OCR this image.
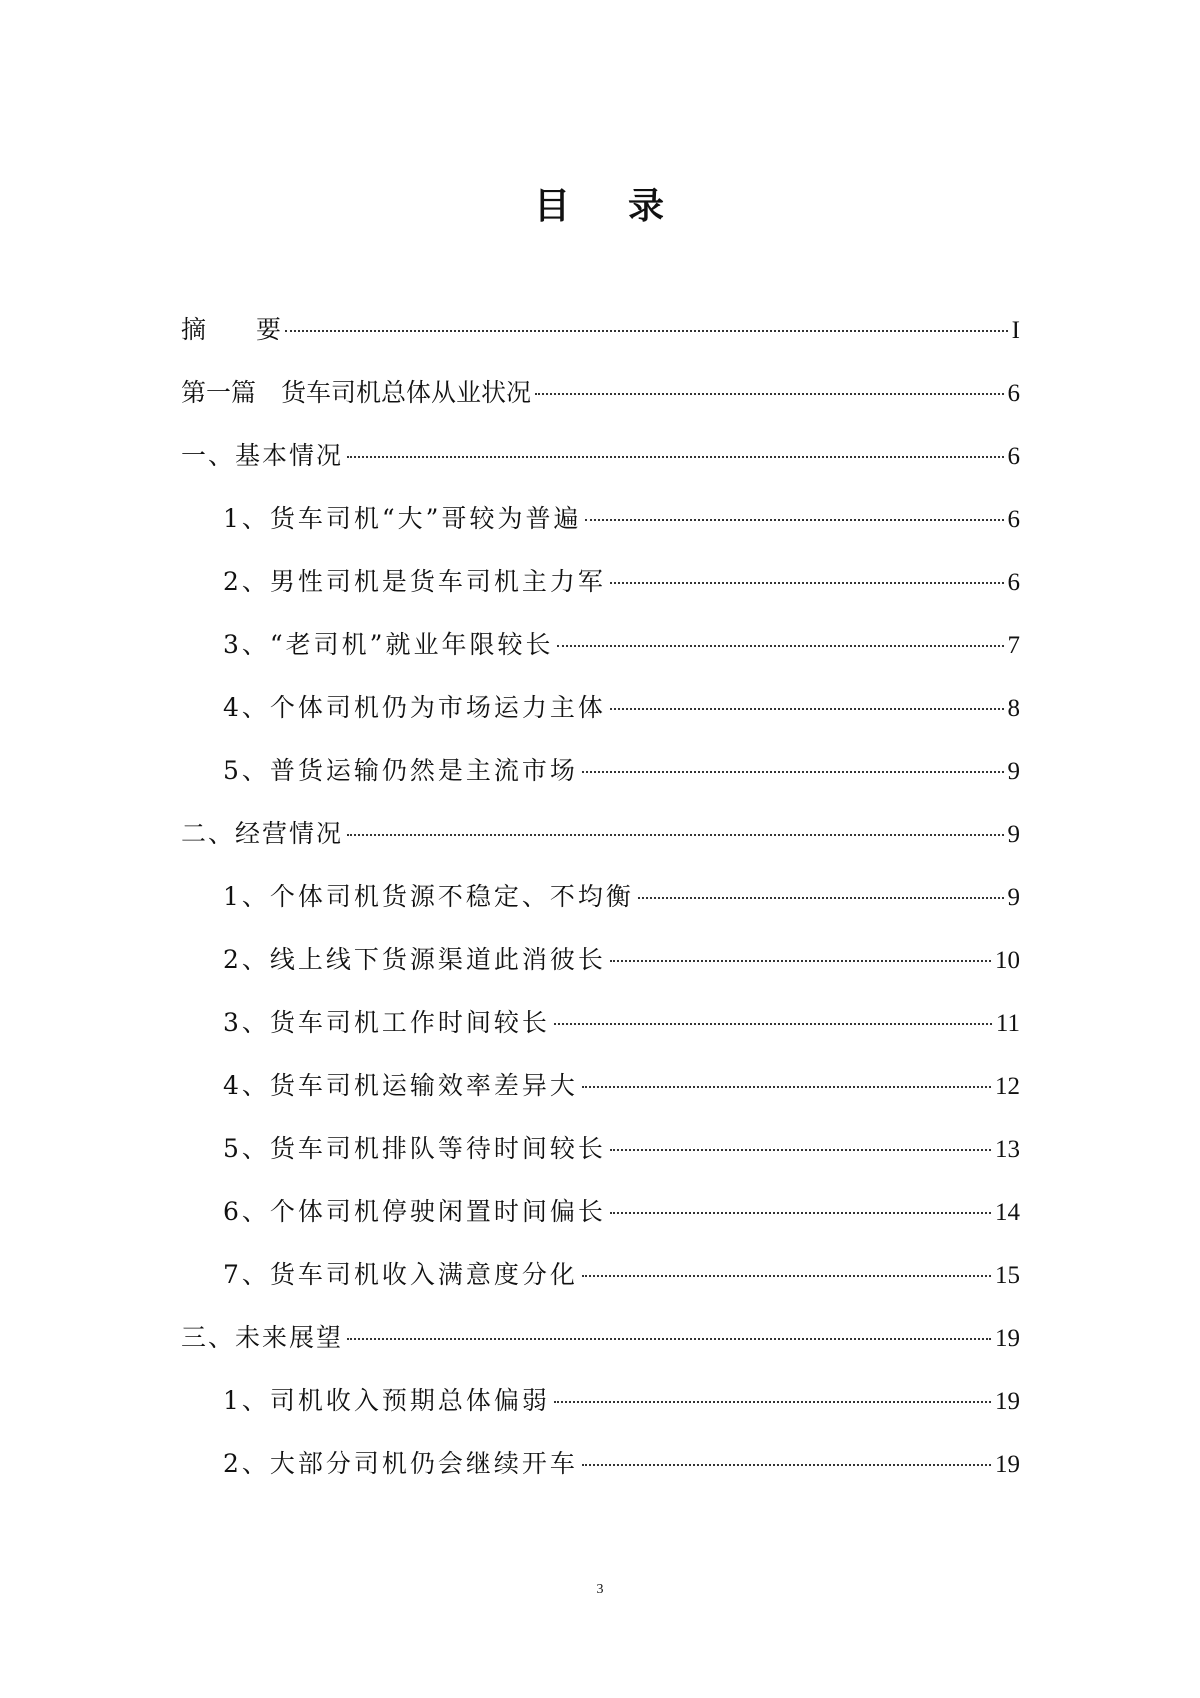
目 录
摘　　要	I
第一篇　货车司机总体从业状况	6
一、基本情况	6
1、货车司机“大”哥较为普遍	6
2、男性司机是货车司机主力军	6
3、“老司机”就业年限较长	7
4、个体司机仍为市场运力主体	8
5、普货运输仍然是主流市场	9
二、经营情况	9
1、个体司机货源不稳定、不均衡	9
2、线上线下货源渠道此消彼长	10
3、货车司机工作时间较长	11
4、货车司机运输效率差异大	12
5、货车司机排队等待时间较长	13
6、个体司机停驶闲置时间偏长	14
7、货车司机收入满意度分化	15
三、未来展望	19
1、司机收入预期总体偏弱	19
2、大部分司机仍会继续开车	19
3
